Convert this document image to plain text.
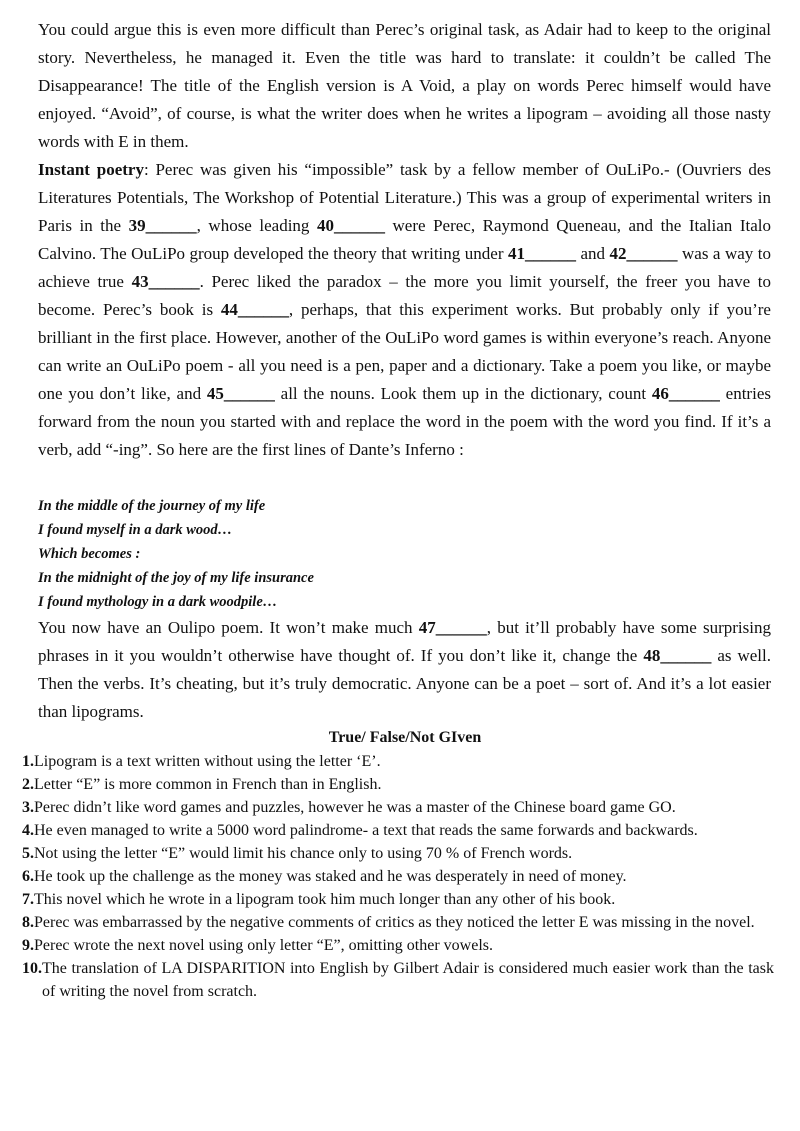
You could argue this is even more difficult than Perec’s original task, as Adair had to keep to the original story. Nevertheless, he managed it. Even the title was hard to translate: it couldn’t be called The Disappearance! The title of the English version is A Void, a play on words Perec himself would have enjoyed. “Avoid”, of course, is what the writer does when he writes a lipogram – avoiding all those nasty words with E in them.

Instant poetry: Perec was given his “impossible” task by a fellow member of OuLiPo.- (Ouvriers des Literatures Potentials, The Workshop of Potential Literature.) This was a group of experimental writers in Paris in the 39______, whose leading 40______ were Perec, Raymond Queneau, and the Italian Italo Calvino. The OuLiPo group developed the theory that writing under 41______ and 42______ was a way to achieve true 43______. Perec liked the paradox – the more you limit yourself, the freer you have to become. Perec’s book is 44______, perhaps, that this experiment works. But probably only if you’re brilliant in the first place. However, another of the OuLiPo word games is within everyone’s reach. Anyone can write an OuLiPo poem - all you need is a pen, paper and a dictionary. Take a poem you like, or maybe one you don’t like, and 45______ all the nouns. Look them up in the dictionary, count 46______ entries forward from the noun you started with and replace the word in the poem with the word you find. If it’s a verb, add “-ing”. So here are the first lines of Dante’s Inferno :

In the middle of the journey of my life

I found myself in a dark wood…

Which becomes :

In the midnight of the joy of my life insurance

I found mythology in a dark woodpile…

You now have an Oulipo poem. It won’t make much 47______, but it’ll probably have some surprising phrases in it you wouldn’t otherwise have thought of. If you don’t like it, change the 48______ as well. Then the verbs. It’s cheating, but it’s truly democratic. Anyone can be a poet – sort of. And it’s a lot easier than lipograms.

True/ False/Not GIven
1. Lipogram is a text written without using the letter ‘E’.
2. Letter “E” is more common in French than in English.
3. Perec didn’t like word games and puzzles, however he was a master of the Chinese board game GO.
4. He even managed to write a 5000 word palindrome- a text that reads the same forwards and backwards.
5. Not using the letter “E” would limit his chance only to using 70 % of French words.
6. He took up the challenge as the money was staked and he was desperately in need of money.
7. This novel which he wrote in a lipogram took him much longer than any other of his book.
8. Perec was embarrassed by the negative comments of critics as they noticed the letter E was missing in the novel.
9. Perec wrote the next novel using only letter “E”, omitting other vowels.
10. The translation of LA DISPARITION into English by Gilbert Adair is considered much easier work than the task of writing the novel from scratch.
